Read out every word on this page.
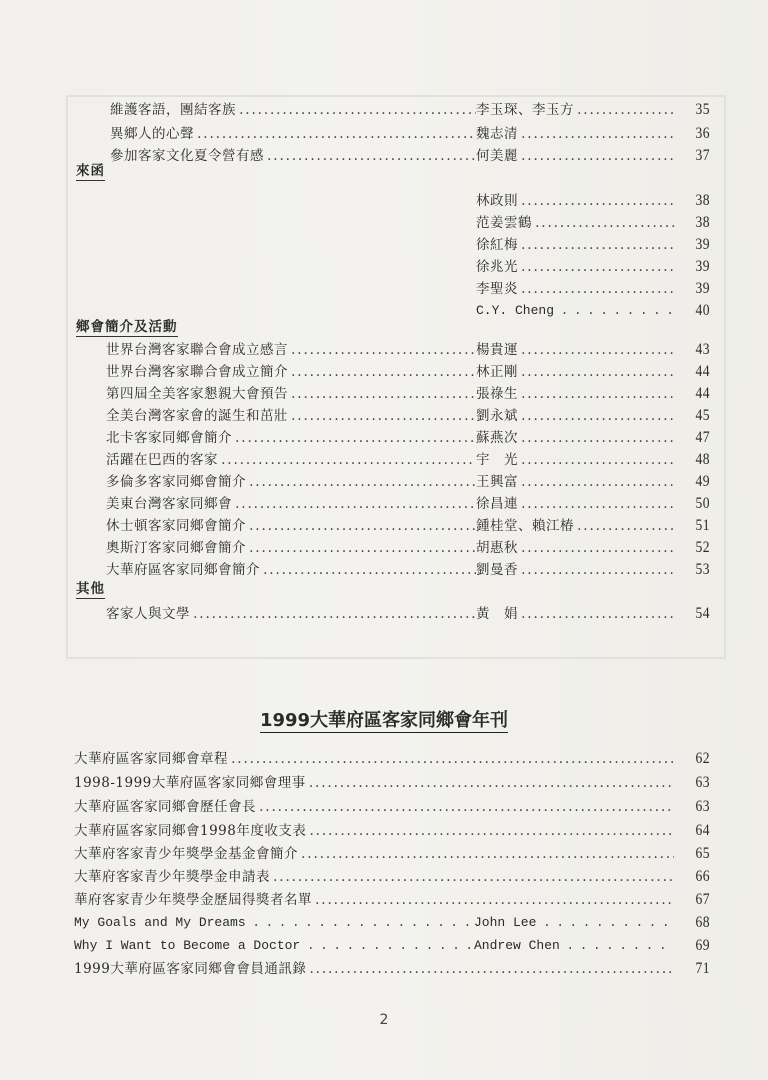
維護客語，團結客族 . . .	李玉琛、李玉方 . . .	35
異鄉人的心聲 . . .	魏志清 . . .	36
參加客家文化夏令營有感 . . .	何美麗 . . .	37
來函
林政則 . . .	38
范姜雲鶴 . . .	38
徐紅梅 . . .	39
徐兆光 . . .	39
李聖炎 . . .	39
C.Y. Cheng . . .	40
鄉會簡介及活動
世界台灣客家聯合會成立感言 . . .	楊貴運 . . .	43
世界台灣客家聯合會成立簡介 . . .	林正剛 . . .	44
第四屆全美客家懇親大會預告 . . .	張祿生 . . .	44
全美台灣客家會的誕生和茁壯 . . .	劉永斌 . . .	45
北卡客家同鄉會簡介 . . .	蘇燕次 . . .	47
活躍在巴西的客家 . . .	宇　光 . . .	48
多倫多客家同鄉會簡介 . . .	王興富 . . .	49
美東台灣客家同鄉會 . . .	徐昌連 . . .	50
休士頓客家同鄉會簡介 . . .	鍾桂堂、賴江椿 . . .	51
奧斯汀客家同鄉會簡介 . . .	胡惠秋 . . .	52
大華府區客家同鄉會簡介 . . .	劉曼香 . . .	53
其他
客家人與文學 . . .	黃　娟 . . .	54
1999大華府區客家同鄉會年刊
大華府區客家同鄉會章程 . . .	62
1998-1999大華府區客家同鄉會理事 . . .	63
大華府區客家同鄉會歷任會長 . . .	63
大華府區客家同鄉會1998年度收支表 . . .	64
大華府客家青少年獎學金基金會簡介 . . .	65
大華府客家青少年獎學金申請表 . . .	66
華府客家青少年獎學金歷屆得獎者名單 . . .	67
My Goals and My Dreams . . .	John Lee . . .	68
Why I Want to Become a Doctor . . .	Andrew Chen . . .	69
1999大華府區客家同鄉會會員通訊錄 . . .	71
2
